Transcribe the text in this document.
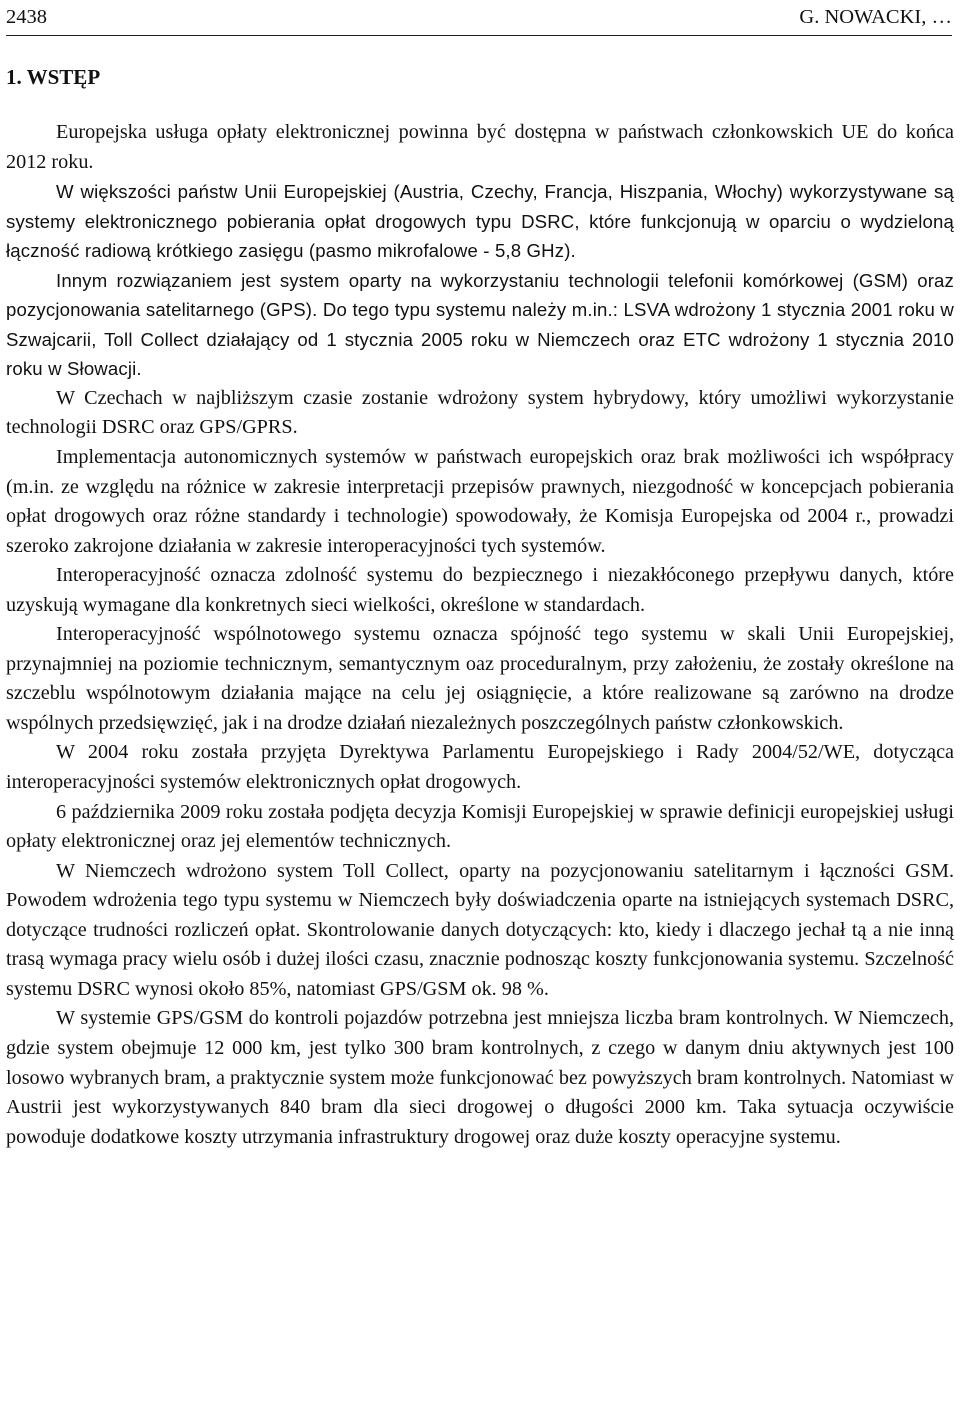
2438	G. NOWACKI, …
1. WSTĘP

Europejska usługa opłaty elektronicznej powinna być dostępna w państwach członkowskich UE do końca 2012 roku.

W większości państw Unii Europejskiej (Austria, Czechy, Francja, Hiszpania, Włochy) wykorzystywane są systemy elektronicznego pobierania opłat drogowych typu DSRC, które funkcjonują w oparciu o wydzieloną łączność radiową krótkiego zasięgu (pasmo mikrofalowe - 5,8 GHz).

Innym rozwiązaniem jest system oparty na wykorzystaniu technologii telefonii komórkowej (GSM) oraz pozycjonowania satelitarnego (GPS). Do tego typu systemu należy m.in.: LSVA wdrożony 1 stycznia 2001 roku w Szwajcarii, Toll Collect działający od 1 stycznia 2005 roku w Niemczech oraz ETC wdrożony 1 stycznia 2010 roku w Słowacji.

W Czechach w najbliższym czasie zostanie wdrożony system hybrydowy, który umożliwi wykorzystanie technologii DSRC oraz GPS/GPRS.

Implementacja autonomicznych systemów w państwach europejskich oraz brak możliwości ich współpracy (m.in. ze względu na różnice w zakresie interpretacji przepisów prawnych, niezgodność w koncepcjach pobierania opłat drogowych oraz różne standardy i technologie) spowodowały, że Komisja Europejska od 2004 r., prowadzi szeroko zakrojone działania w zakresie interoperacyjności tych systemów.

Interoperacyjność oznacza zdolność systemu do bezpiecznego i niezakłóconego przepływu danych, które uzyskują wymagane dla konkretnych sieci wielkości, określone w standardach.

Interoperacyjność wspólnotowego systemu oznacza spójność tego systemu w skali Unii Europejskiej, przynajmniej na poziomie technicznym, semantycznym oaz proceduralnym, przy założeniu, że zostały określone na szczeblu wspólnotowym działania mające na celu jej osiągnięcie, a które realizowane są zarówno na drodze wspólnych przedsięwzięć, jak i na drodze działań niezależnych poszczególnych państw członkowskich.

W 2004 roku została przyjęta Dyrektywa Parlamentu Europejskiego i Rady 2004/52/WE, dotycząca interoperacyjności systemów elektronicznych opłat drogowych.

6 października 2009 roku została podjęta decyzja Komisji Europejskiej w sprawie definicji europejskiej usługi opłaty elektronicznej oraz jej elementów technicznych.

W Niemczech wdrożono system Toll Collect, oparty na pozycjonowaniu satelitarnym i łączności GSM. Powodem wdrożenia tego typu systemu w Niemczech były doświadczenia oparte na istniejących systemach DSRC, dotyczące trudności rozliczeń opłat. Skontrolowanie danych dotyczących: kto, kiedy i dlaczego jechał tą a nie inną trasą wymaga pracy wielu osób i dużej ilości czasu, znacznie podnosząc koszty funkcjonowania systemu. Szczelność systemu DSRC wynosi około 85%, natomiast GPS/GSM ok. 98 %.

W systemie GPS/GSM do kontroli pojazdów potrzebna jest mniejsza liczba bram kontrolnych. W Niemczech, gdzie system obejmuje 12 000 km, jest tylko 300 bram kontrolnych, z czego w danym dniu aktywnych jest 100 losowo wybranych bram, a praktycznie system może funkcjonować bez powyższych bram kontrolnych. Natomiast w Austrii jest wykorzystywanych 840 bram dla sieci drogowej o długości 2000 km. Taka sytuacja oczywiście powoduje dodatkowe koszty utrzymania infrastruktury drogowej oraz duże koszty operacyjne systemu.
